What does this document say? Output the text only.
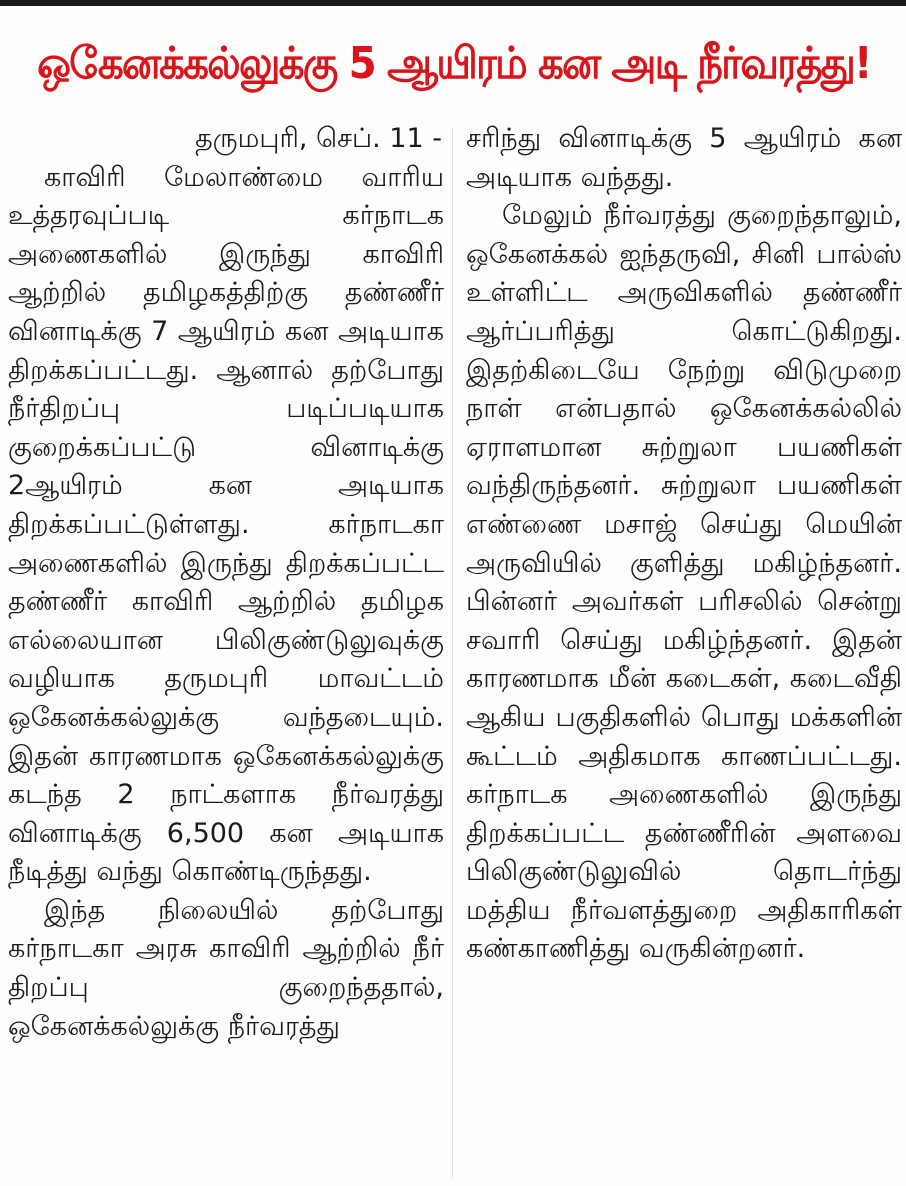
ஒகேனக்கல்லுக்கு 5 ஆயிரம் கன அடி நீர்வரத்து!

தருமபுரி, செப். 11 -

காவிரி மேலாண்மை வாரிய உத்தரவுப்படி கர்நாடக அணைகளில் இருந்து காவிரி ஆற்றில் தமிழகத்திற்கு தண்ணீர் வினாடிக்கு 7 ஆயிரம் கன அடியாக திறக்கப்பட்டது. ஆனால் தற்போது நீர்திறப்பு படிப்படியாக குறைக்கப்பட்டு வினாடிக்கு 2ஆயிரம் கன அடியாக திறக்கப்பட்டுள்ளது. கர்நாடகா அணைகளில் இருந்து திறக்கப்பட்ட தண்ணீர் காவிரி ஆற்றில் தமிழக எல்லையான பிலிகுண்டுலுவுக்கு வழியாக தருமபுரி மாவட்டம் ஒகேனக்கல்லுக்கு வந்தடையும். இதன் காரணமாக ஒகேனக்கல்லுக்கு கடந்த 2 நாட்களாக நீர்வரத்து வினாடிக்கு 6,500 கன அடியாக நீடித்து வந்து கொண்டிருந்தது.

இந்த நிலையில் தற்போது கர்நாடகா அரசு காவிரி ஆற்றில் நீர் திறப்பு குறைந்ததால், ஒகேனக்கல்லுக்கு நீர்வரத்து

சரிந்து வினாடிக்கு 5 ஆயிரம் கன அடியாக வந்தது.

மேலும் நீர்வரத்து குறைந்தாலும், ஒகேனக்கல் ஐந்தருவி, சினி பால்ஸ் உள்ளிட்ட அருவிகளில் தண்ணீர் ஆர்ப்பரித்து கொட்டுகிறது. இதற்கிடையே நேற்று விடுமுறை நாள் என்பதால் ஒகேனக்கல்லில் ஏராளமான சுற்றுலா பயணிகள் வந்திருந்தனர். சுற்றுலா பயணிகள் எண்ணை மசாஜ் செய்து மெயின் அருவியில் குளித்து மகிழ்ந்தனர். பின்னர் அவர்கள் பரிசலில் சென்று சவாரி செய்து மகிழ்ந்தனர். இதன் காரணமாக மீன் கடைகள், கடைவீதி ஆகிய பகுதிகளில் பொது மக்களின் கூட்டம் அதிகமாக காணப்பட்டது. கர்நாடக அணைகளில் இருந்து திறக்கப்பட்ட தண்ணீரின் அளவை பிலிகுண்டுலுவில் தொடர்ந்து மத்திய நீர்வளத்துறை அதிகாரிகள் கண்காணித்து வருகின்றனர்.
